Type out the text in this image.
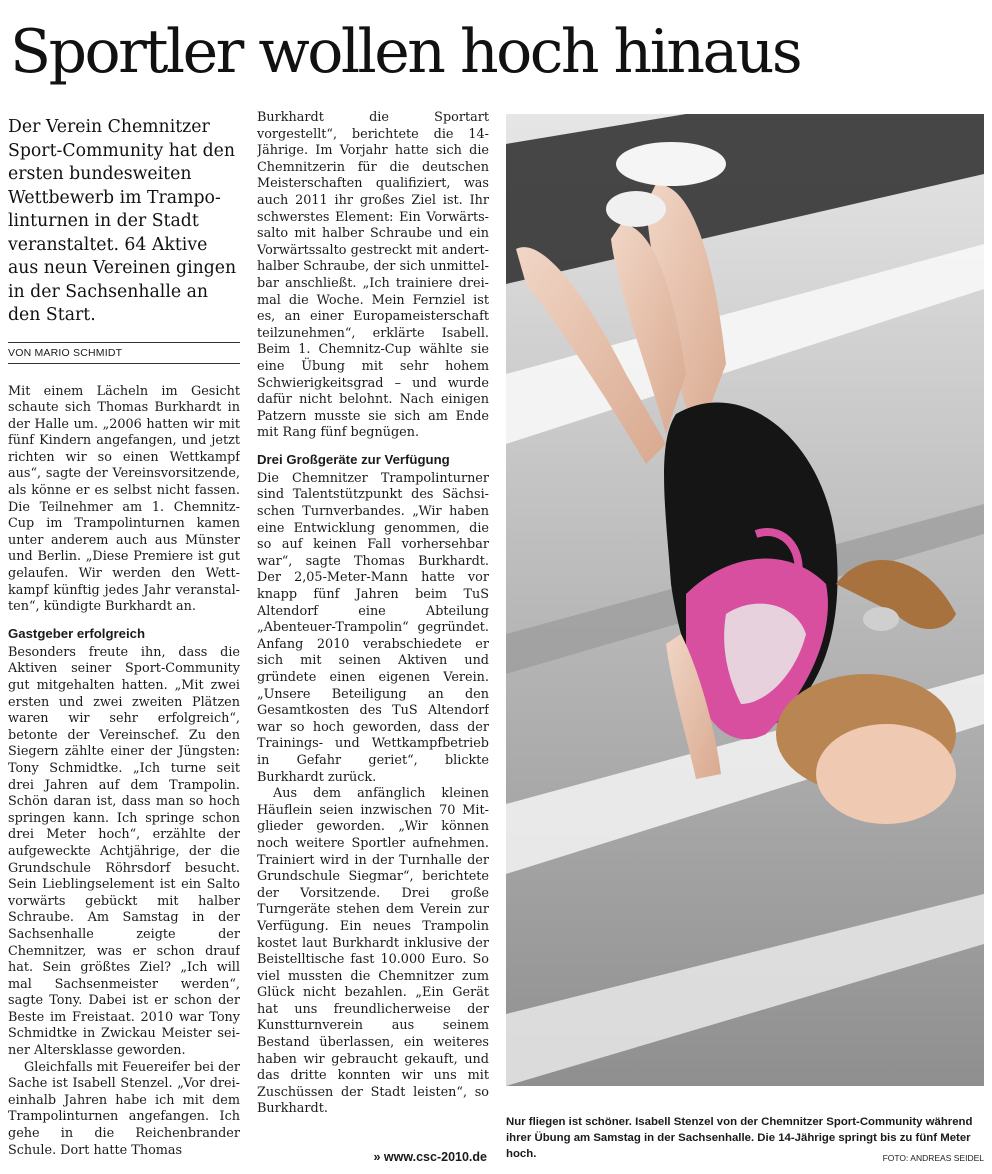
Sportler wollen hoch hinaus

Der Verein Chemnitzer Sport-Community hat den ersten bundesweiten Wettbewerb im Trampolinturnen in der Stadt veranstaltet. 64 Aktive aus neun Vereinen gingen in der Sachsenhalle an den Start.

VON MARIO SCHMIDT

Mit einem Lächeln im Gesicht schaute sich Thomas Burkhardt in der Halle um. „2006 hatten wir mit fünf Kindern angefangen, und jetzt richten wir so einen Wettkampf aus“, sagte der Vereinsvorsitzende, als könne er es selbst nicht fassen. Die Teilnehmer am 1. Chemnitz-Cup im Trampolinturnen kamen unter anderem auch aus Münster und Berlin. „Diese Premiere ist gut gelaufen. Wir werden den Wettkampf künftig jedes Jahr veranstalten“, kündigte Burkhardt an.

Gastgeber erfolgreich

Besonders freute ihn, dass die Aktiven seiner Sport-Community gut mitgehalten hatten. „Mit zwei ersten und zwei zweiten Plätzen waren wir sehr erfolgreich“, betonte der Vereinschef. Zu den Siegern zählte einer der Jüngsten: Tony Schmidtke. „Ich turne seit drei Jahren auf dem Trampolin. Schön daran ist, dass man so hoch springen kann. Ich springe schon drei Meter hoch“, erzählte der aufgeweckte Achtjährige, der die Grundschule Röhrsdorf besucht. Sein Lieblingselement ist ein Salto vorwärts gebückt mit halber Schraube. Am Samstag in der Sachsenhalle zeigte der Chemnitzer, was er schon drauf hat. Sein größtes Ziel? „Ich will mal Sachsenmeister werden“, sagte Tony. Dabei ist er schon der Beste im Freistaat. 2010 war Tony Schmidtke in Zwickau Meister seiner Altersklasse geworden.

Gleichfalls mit Feuereifer bei der Sache ist Isabell Stenzel. „Vor dreieinhalb Jahren habe ich mit dem Trampolinturnen angefangen. Ich gehe in die Reichenbrander Schule. Dort hatte Thomas

Burkhardt die Sportart vorgestellt“, berichtete die 14-Jährige. Im Vorjahr hatte sich die Chemnitzerin für die deutschen Meisterschaften qualifiziert, was auch 2011 ihr großes Ziel ist. Ihr schwerstes Element: Ein Vorwärtssalto mit halber Schraube und ein Vorwärtssalto gestreckt mit anderthalber Schraube, der sich unmittelbar anschließt. „Ich trainiere dreimal die Woche. Mein Fernziel ist es, an einer Europameisterschaft teilzunehmen“, erklärte Isabell. Beim 1. Chemnitz-Cup wählte sie eine Übung mit sehr hohem Schwierigkeitsgrad – und wurde dafür nicht belohnt. Nach einigen Patzern musste sie sich am Ende mit Rang fünf begnügen.

Drei Großgeräte zur Verfügung

Die Chemnitzer Trampolinturner sind Talentstützpunkt des Sächsischen Turnverbandes. „Wir haben eine Entwicklung genommen, die so auf keinen Fall vorhersehbar war“, sagte Thomas Burkhardt. Der 2,05-Meter-Mann hatte vor knapp fünf Jahren beim TuS Altendorf eine Abteilung „Abenteuer-Trampolin“ gegründet. Anfang 2010 verabschiedete er sich mit seinen Aktiven und gründete einen eigenen Verein. „Unsere Beteiligung an den Gesamtkosten des TuS Altendorf war so hoch geworden, dass der Trainings- und Wettkampfbetrieb in Gefahr geriet“, blickte Burkhardt zurück.

Aus dem anfänglich kleinen Häuflein seien inzwischen 70 Mitglieder geworden. „Wir können noch weitere Sportler aufnehmen. Trainiert wird in der Turnhalle der Grundschule Siegmar“, berichtete der Vorsitzende. Drei große Turngeräte stehen dem Verein zur Verfügung. Ein neues Trampolin kostet laut Burkhardt inklusive der Beistelltische fast 10.000 Euro. So viel mussten die Chemnitzer zum Glück nicht bezahlen. „Ein Gerät hat uns freundlicherweise der Kunstturnverein aus seinem Bestand überlassen, ein weiteres haben wir gebraucht gekauft, und das dritte konnten wir uns mit Zuschüssen der Stadt leisten“, so Burkhardt.

» www.csc-2010.de
Nur fliegen ist schöner. Isabell Stenzel von der Chemnitzer Sport-Community während ihrer Übung am Samstag in der Sachsenhalle. Die 14-Jährige springt bis zu fünf Meter hoch.	FOTO: ANDREAS SEIDEL
